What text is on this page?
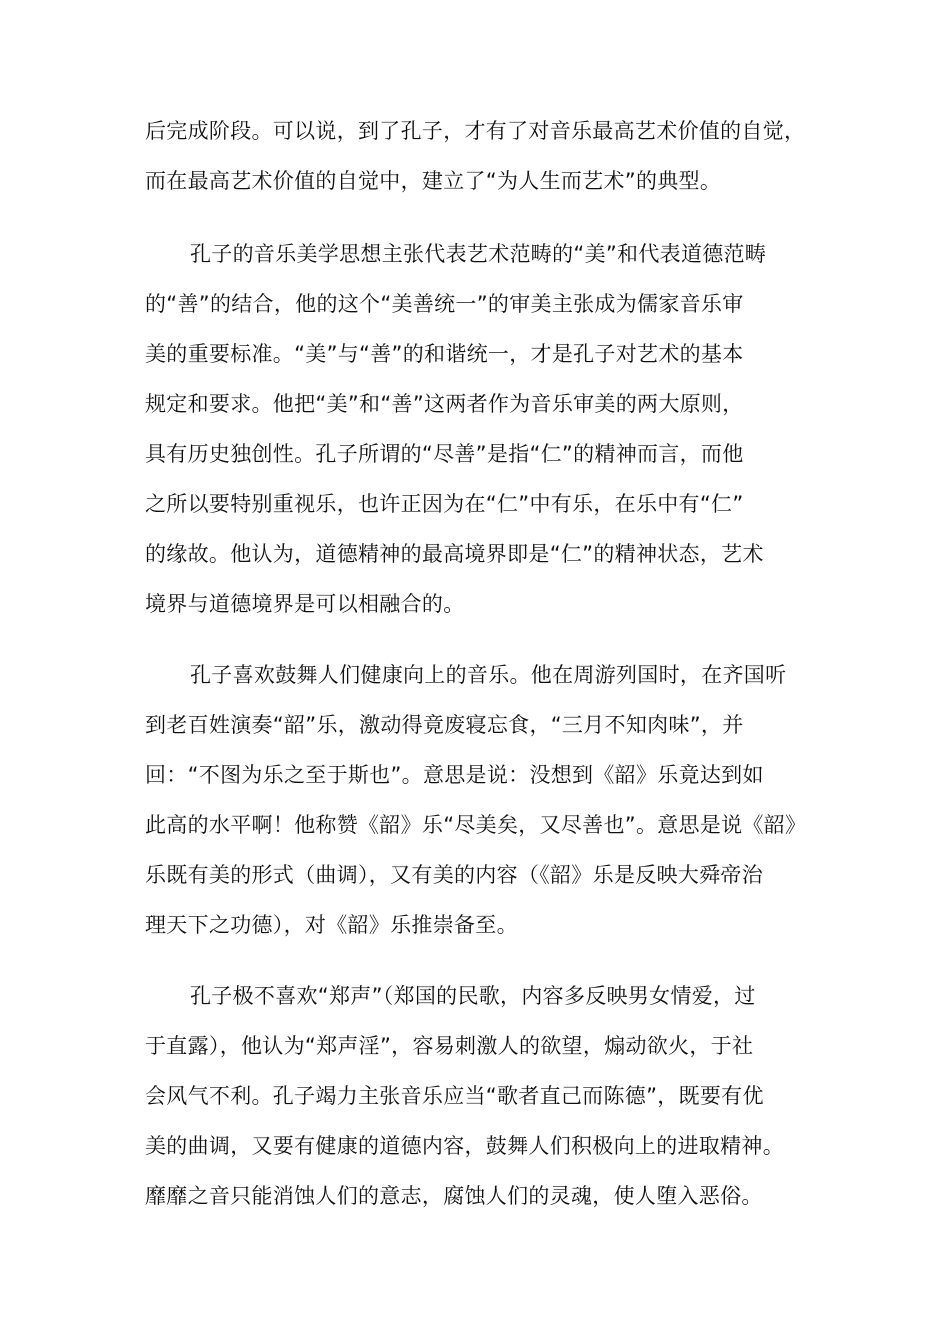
后完成阶段。可以说，到了孔子，才有了对音乐最高艺术价值的自觉，
而在最高艺术价值的自觉中，建立了“为人生而艺术”的典型。
孔子的音乐美学思想主张代表艺术范畴的“美”和代表道德范畴
的“善”的结合，他的这个“美善统一”的审美主张成为儒家音乐审
美的重要标准。“美”与“善”的和谐统一，才是孔子对艺术的基本
规定和要求。他把“美”和“善”这两者作为音乐审美的两大原则，
具有历史独创性。孔子所谓的“尽善”是指“仁”的精神而言，而他
之所以要特别重视乐，也许正因为在“仁”中有乐，在乐中有“仁”
的缘故。他认为，道德精神的最高境界即是“仁”的精神状态，艺术
境界与道德境界是可以相融合的。
孔子喜欢鼓舞人们健康向上的音乐。他在周游列国时，在齐国听
到老百姓演奏“韶”乐，激动得竟废寝忘食，“三月不知肉味”，并
回：“不图为乐之至于斯也”。意思是说：没想到《韶》乐竟达到如
此高的水平啊！他称赞《韶》乐“尽美矣，又尽善也”。意思是说《韶》
乐既有美的形式（曲调），又有美的内容（《韶》乐是反映大舜帝治
理天下之功德），对《韶》乐推崇备至。
孔子极不喜欢“郑声”（郑国的民歌，内容多反映男女情爱，过
于直露），他认为“郑声淫”，容易刺激人的欲望，煽动欲火，于社
会风气不利。孔子竭力主张音乐应当“歌者直己而陈德”，既要有优
美的曲调，又要有健康的道德内容，鼓舞人们积极向上的进取精神。
靡靡之音只能消蚀人们的意志，腐蚀人们的灵魂，使人堕入恶俗。
